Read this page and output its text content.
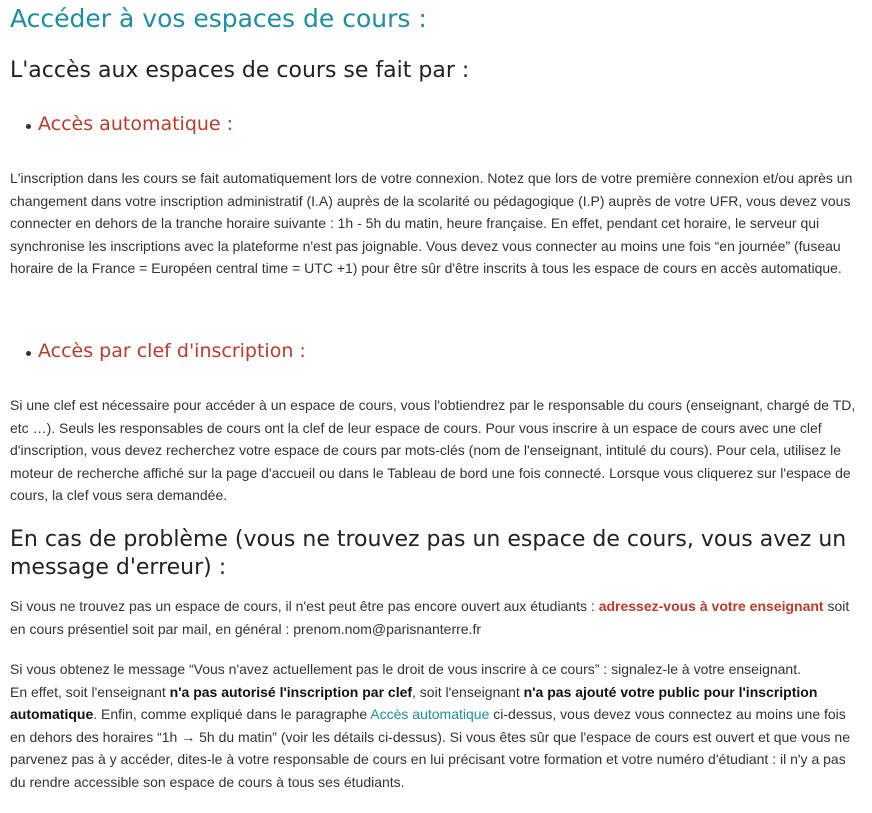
Accéder à vos espaces de cours :
L'accès aux espaces de cours se fait par :
Accès automatique :

L'inscription dans les cours se fait automatiquement lors de votre connexion. Notez que lors de votre première connexion et/ou après un changement dans votre inscription administratif (I.A) auprès de la scolarité ou pédagogique (I.P) auprès de votre UFR, vous devez vous connecter en dehors de la tranche horaire suivante : 1h - 5h du matin, heure française. En effet, pendant cet horaire, le serveur qui synchronise les inscriptions avec la plateforme n'est pas joignable. Vous devez vous connecter au moins une fois “en journée” (fuseau horaire de la France = Européen central time = UTC +1) pour être sûr d'être inscrits à tous les espace de cours en accès automatique.

Accès par clef d'inscription :

Si une clef est nécessaire pour accéder à un espace de cours, vous l'obtiendrez par le responsable du cours (enseignant, chargé de TD, etc …). Seuls les responsables de cours ont la clef de leur espace de cours. Pour vous inscrire à un espace de cours avec une clef d'inscription, vous devez recherchez votre espace de cours par mots-clés (nom de l'enseignant, intitulé du cours). Pour cela, utilisez le moteur de recherche affiché sur la page d'accueil ou dans le Tableau de bord une fois connecté. Lorsque vous cliquerez sur l'espace de cours, la clef vous sera demandée.

En cas de problème (vous ne trouvez pas un espace de cours, vous avez un message d'erreur) :

Si vous ne trouvez pas un espace de cours, il n'est peut être pas encore ouvert aux étudiants : adressez-vous à votre enseignant soit en cours présentiel soit par mail, en général : prenom.nom@parisnanterre.fr

Si vous obtenez le message “Vous n'avez actuellement pas le droit de vous inscrire à ce cours” : signalez-le à votre enseignant.
En effet, soit l'enseignant n'a pas autorisé l'inscription par clef, soit l'enseignant n'a pas ajouté votre public pour l'inscription automatique. Enfin, comme expliqué dans le paragraphe Accès automatique ci-dessus, vous devez vous connectez au moins une fois en dehors des horaires “1h → 5h du matin” (voir les détails ci-dessus). Si vous êtes sûr que l'espace de cours est ouvert et que vous ne parvenez pas à y accéder, dites-le à votre responsable de cours en lui précisant votre formation et votre numéro d'étudiant : il n'y a pas du rendre accessible son espace de cours à tous ses étudiants.
